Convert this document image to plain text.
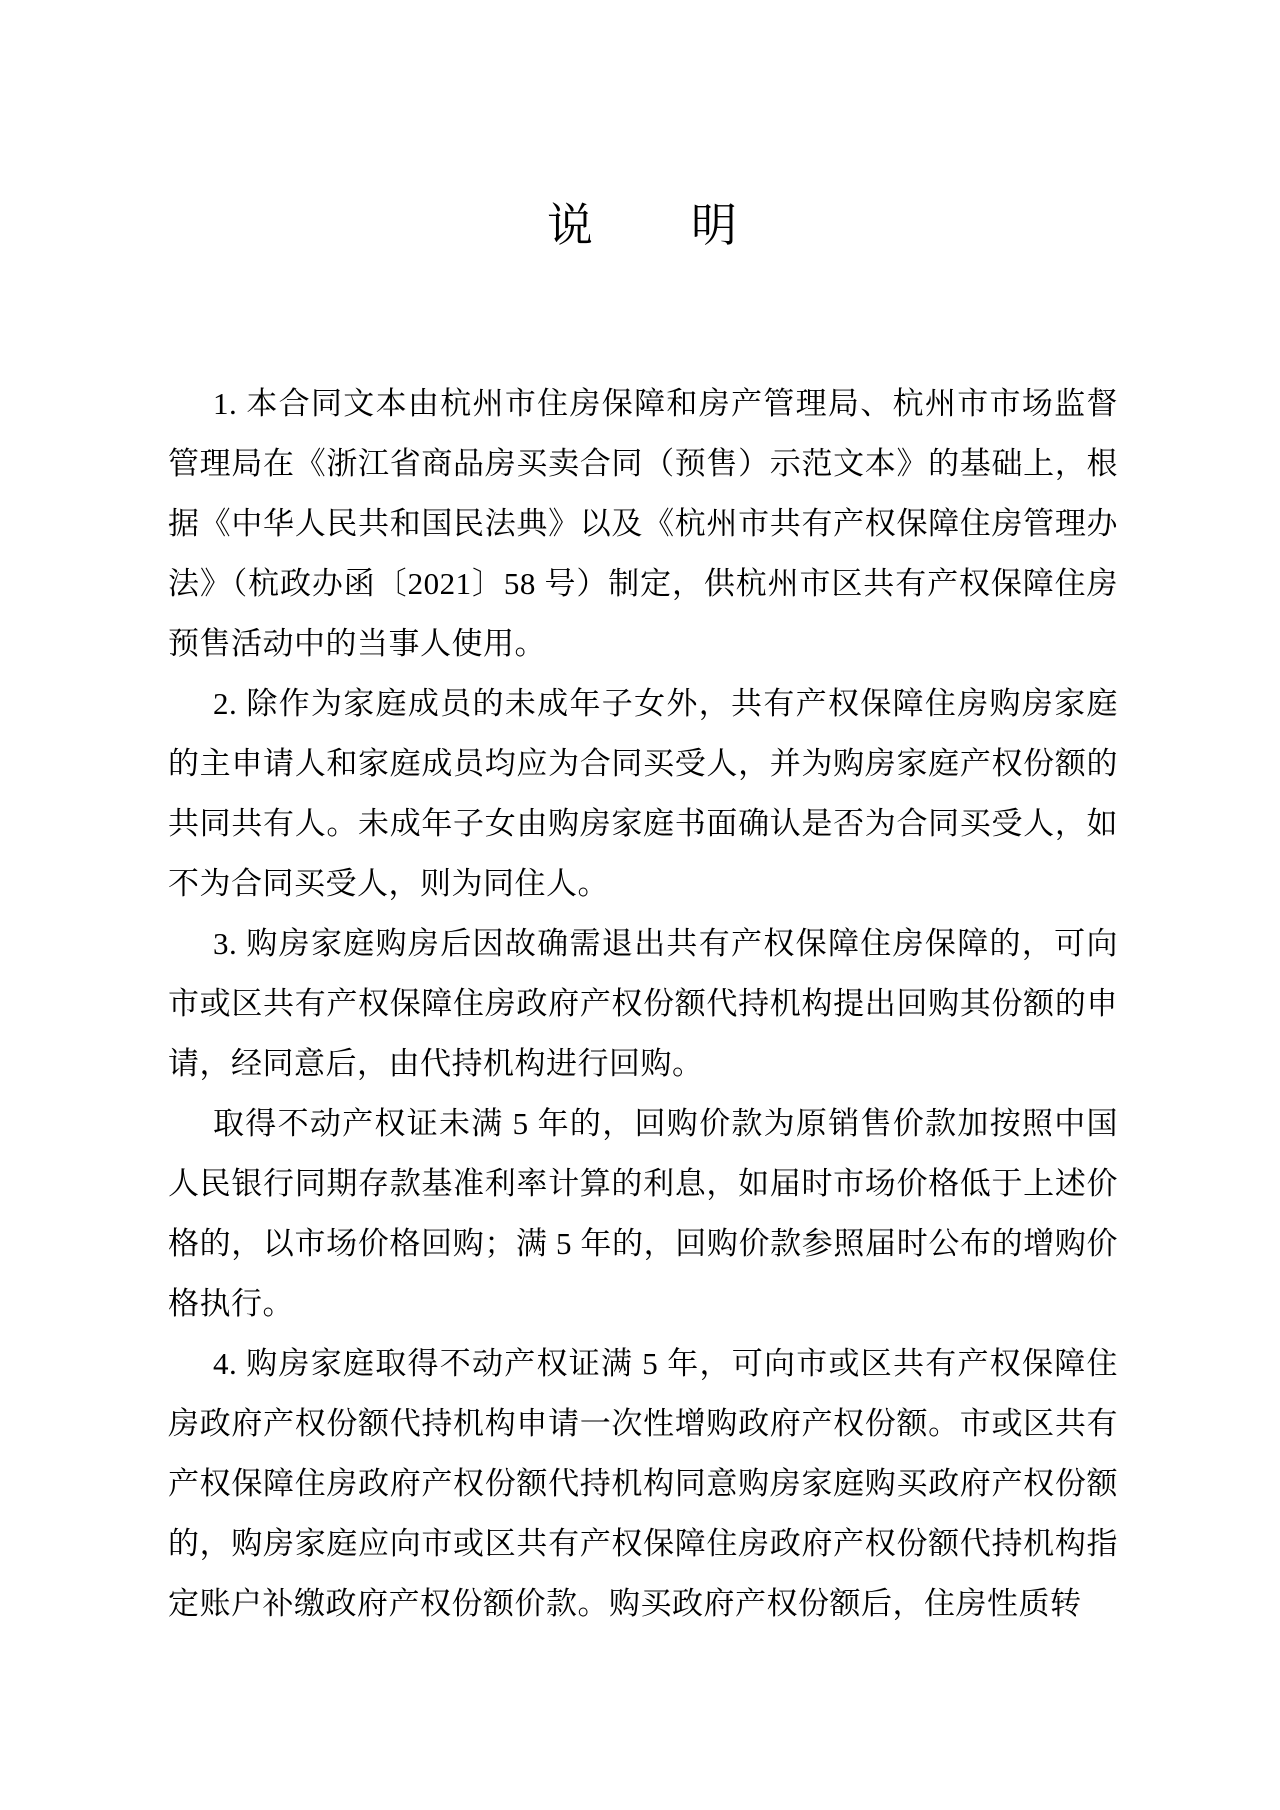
说　　明

1. 本合同文本由杭州市住房保障和房产管理局、杭州市市场监督管理局在《浙江省商品房买卖合同（预售）示范文本》的基础上，根据《中华人民共和国民法典》以及《杭州市共有产权保障住房管理办法》（杭政办函〔2021〕58 号）制定，供杭州市区共有产权保障住房预售活动中的当事人使用。

2. 除作为家庭成员的未成年子女外，共有产权保障住房购房家庭的主申请人和家庭成员均应为合同买受人，并为购房家庭产权份额的共同共有人。未成年子女由购房家庭书面确认是否为合同买受人，如不为合同买受人，则为同住人。

3. 购房家庭购房后因故确需退出共有产权保障住房保障的，可向市或区共有产权保障住房政府产权份额代持机构提出回购其份额的申请，经同意后，由代持机构进行回购。

取得不动产权证未满 5 年的，回购价款为原销售价款加按照中国人民银行同期存款基准利率计算的利息，如届时市场价格低于上述价格的，以市场价格回购；满 5 年的，回购价款参照届时公布的增购价格执行。

4. 购房家庭取得不动产权证满 5 年，可向市或区共有产权保障住房政府产权份额代持机构申请一次性增购政府产权份额。市或区共有产权保障住房政府产权份额代持机构同意购房家庭购买政府产权份额的，购房家庭应向市或区共有产权保障住房政府产权份额代持机构指定账户补缴政府产权份额价款。购买政府产权份额后，住房性质转
